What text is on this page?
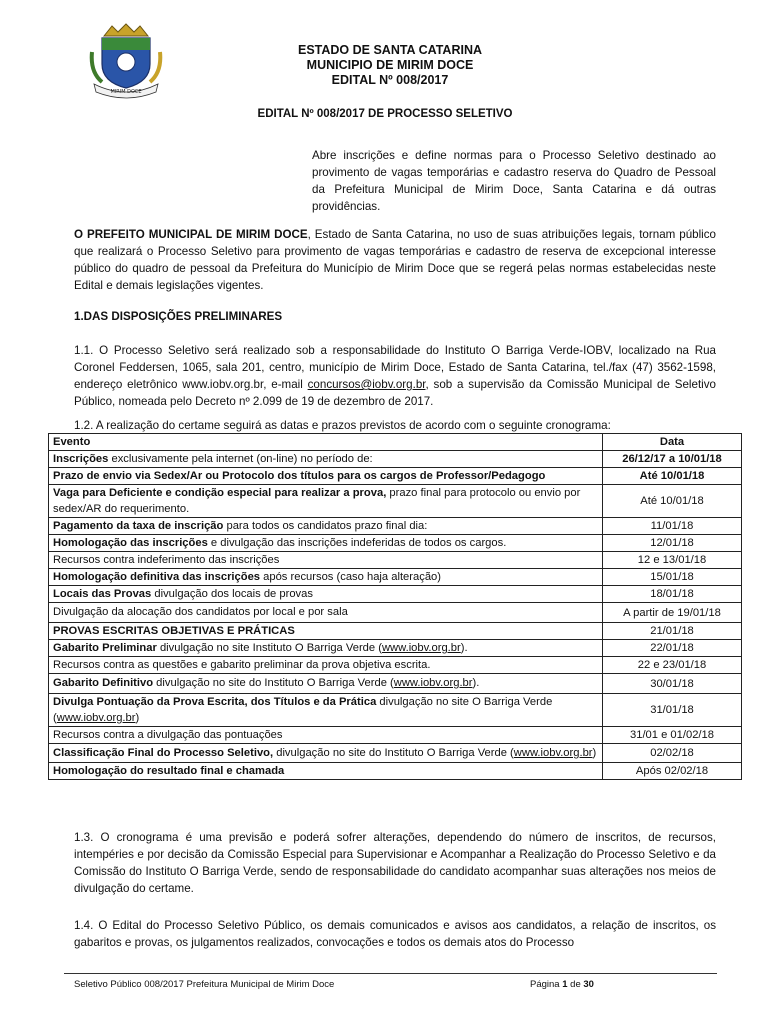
MIRIM DOCE
ESTADO DE SANTA CATARINA
MUNICIPIO DE MIRIM DOCE
EDITAL Nº 008/2017
EDITAL Nº 008/2017 DE PROCESSO SELETIVO
Abre inscrições e define normas para o Processo Seletivo destinado ao provimento de vagas temporárias e cadastro reserva do Quadro de Pessoal da Prefeitura Municipal de Mirim Doce, Santa Catarina e dá outras providências.
O PREFEITO MUNICIPAL DE MIRIM DOCE, Estado de Santa Catarina, no uso de suas atribuições legais, tornam público que realizará o Processo Seletivo para provimento de vagas temporárias e cadastro de reserva de excepcional interesse público do quadro de pessoal da Prefeitura do Município de Mirim Doce que se regerá pelas normas estabelecidas neste Edital e demais legislações vigentes.
1.DAS DISPOSIÇÕES PRELIMINARES
1.1. O Processo Seletivo será realizado sob a responsabilidade do Instituto O Barriga Verde-IOBV, localizado na Rua Coronel Feddersen, 1065, sala 201, centro, município de Mirim Doce, Estado de Santa Catarina, tel./fax (47) 3562-1598, endereço eletrônico www.iobv.org.br, e-mail concursos@iobv.org.br, sob a supervisão da Comissão Municipal de Seletivo Público, nomeada pelo Decreto nº 2.099 de 19 de dezembro de 2017.
1.2. A realização do certame seguirá as datas e prazos previstos de acordo com o seguinte cronograma:
Evento	Data
Inscrições exclusivamente pela internet (on-line) no período de:	26/12/17 a 10/01/18
Prazo de envio via Sedex/Ar ou Protocolo dos títulos para os cargos de Professor/Pedagogo	Até 10/01/18
Vaga para Deficiente e condição especial para realizar a prova, prazo final para protocolo ou envio por sedex/AR do requerimento.	Até 10/01/18
Pagamento da taxa de inscrição para todos os candidatos prazo final dia:	11/01/18
Homologação das inscrições e divulgação das inscrições indeferidas de todos os cargos.	12/01/18
Recursos contra indeferimento das inscrições	12 e 13/01/18
Homologação definitiva das inscrições após recursos (caso haja alteração)	15/01/18
Locais das Provas divulgação dos locais de provas	18/01/18
Divulgação da alocação dos candidatos por local e por sala	A partir de 19/01/18
PROVAS ESCRITAS OBJETIVAS E PRÁTICAS	21/01/18
Gabarito Preliminar divulgação no site Instituto O Barriga Verde (www.iobv.org.br).	22/01/18
Recursos contra as questões e gabarito preliminar da prova objetiva escrita.	22 e 23/01/18
Gabarito Definitivo divulgação no site do Instituto O Barriga Verde (www.iobv.org.br).	30/01/18
Divulga Pontuação da Prova Escrita, dos Títulos e da Prática divulgação no site O Barriga Verde (www.iobv.org.br)	31/01/18
Recursos contra a divulgação das pontuações	31/01 e 01/02/18
Classificação Final do Processo Seletivo, divulgação no site do Instituto O Barriga Verde (www.iobv.org.br)	02/02/18
Homologação do resultado final e chamada	Após 02/02/18
1.3. O cronograma é uma previsão e poderá sofrer alterações, dependendo do número de inscritos, de recursos, intempéries e por decisão da Comissão Especial para Supervisionar e Acompanhar a Realização do Processo Seletivo e da Comissão do Instituto O Barriga Verde, sendo de responsabilidade do candidato acompanhar suas alterações nos meios de divulgação do certame.
1.4. O Edital do Processo Seletivo Público, os demais comunicados e avisos aos candidatos, a relação de inscritos, os gabaritos e provas, os julgamentos realizados, convocações e todos os demais atos do Processo
Seletivo Público 008/2017 Prefeitura Municipal de Mirim Doce	Página 1 de 30
